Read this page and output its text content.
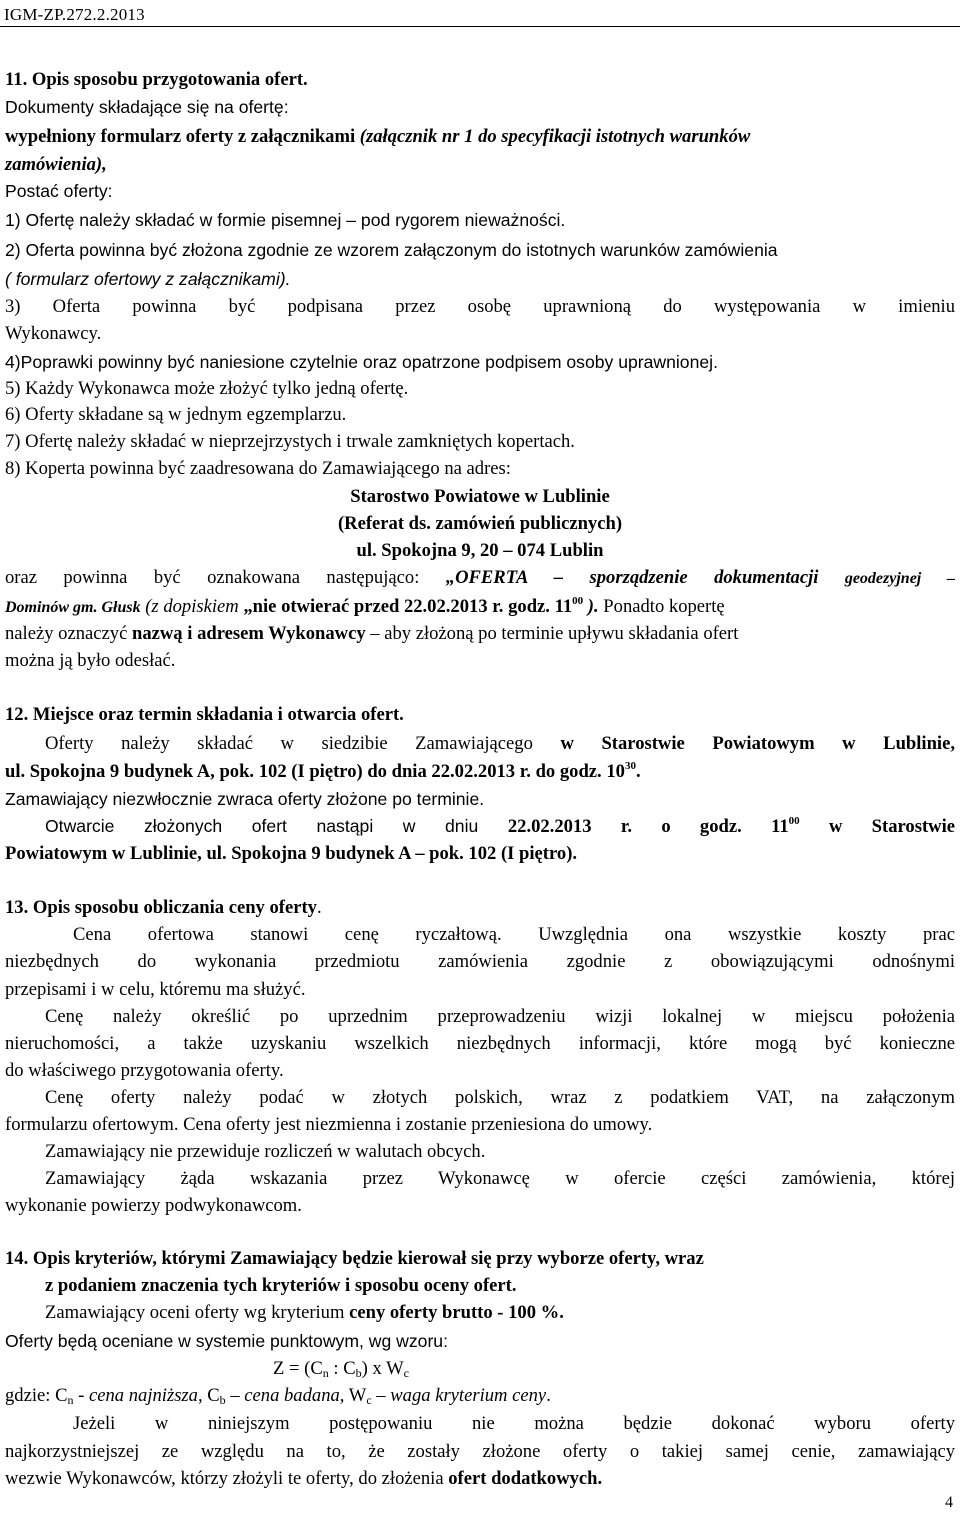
IGM-ZP.272.2.2013
11. Opis sposobu przygotowania ofert.
Dokumenty składające się na ofertę:
wypełniony formularz oferty z załącznikami (załącznik nr 1 do specyfikacji istotnych warunków
zamówienia),
Postać oferty:
1) Ofertę należy składać w formie pisemnej – pod rygorem nieważności.
2) Oferta powinna być złożona zgodnie ze wzorem załączonym do istotnych warunków zamówienia
( formularz ofertowy z załącznikami).
3) Oferta powinna być podpisana przez osobę uprawnioną do występowania w imieniu
Wykonawcy.
4)Poprawki powinny być naniesione czytelnie oraz opatrzone podpisem osoby uprawnionej.
5) Każdy Wykonawca może złożyć tylko jedną ofertę.
6) Oferty składane są w jednym egzemplarzu.
7) Ofertę należy składać w nieprzejrzystych i trwale zamkniętych kopertach.
8) Koperta powinna być zaadresowana do Zamawiającego na adres:
Starostwo Powiatowe w Lublinie
(Referat ds. zamówień publicznych)
ul. Spokojna 9, 20 – 074 Lublin
oraz powinna być oznakowana następująco: „OFERTA – sporządzenie dokumentacji geodezyjnej –
Dominów gm. Głusk (z dopiskiem „nie otwierać przed 22.02.2013 r. godz. $11^{00}$ ). Ponadto kopertę
należy oznaczyć nazwą i adresem Wykonawcy – aby złożoną po terminie upływu składania ofert
można ją było odesłać.
12. Miejsce oraz termin składania i otwarcia ofert.
Oferty należy składać w siedzibie Zamawiającego w Starostwie Powiatowym w Lublinie,
ul. Spokojna 9 budynek A, pok. 102 (I piętro) do dnia 22.02.2013 r. do godz. $10^{30}$.
Zamawiający niezwłocznie zwraca oferty złożone po terminie.
Otwarcie złożonych ofert nastąpi w dniu 22.02.2013 r. o godz. $11^{00}$ w Starostwie
Powiatowym w Lublinie, ul. Spokojna 9 budynek A – pok. 102 (I piętro).
13. Opis sposobu obliczania ceny oferty.
Cena ofertowa stanowi cenę ryczałtową. Uwzględnia ona wszystkie koszty prac
niezbędnych do wykonania przedmiotu zamówienia zgodnie z obowiązującymi odnośnymi
przepisami i w celu, któremu ma służyć.
Cenę należy określić po uprzednim przeprowadzeniu wizji lokalnej w miejscu położenia
nieruchomości, a także uzyskaniu wszelkich niezbędnych informacji, które mogą być konieczne
do właściwego przygotowania oferty.
Cenę oferty należy podać w złotych polskich, wraz z podatkiem VAT, na załączonym
formularzu ofertowym. Cena oferty jest niezmienna i zostanie przeniesiona do umowy.
Zamawiający nie przewiduje rozliczeń w walutach obcych.
Zamawiający żąda wskazania przez Wykonawcę w ofercie części zamówienia, której
wykonanie powierzy podwykonawcom.
14. Opis kryteriów, którymi Zamawiający będzie kierował się przy wyborze oferty, wraz
z podaniem znaczenia tych kryteriów i sposobu oceny ofert.
Zamawiający oceni oferty wg kryterium ceny oferty brutto - 100 %.
Oferty będą oceniane w systemie punktowym, wg wzoru:
$Z = (C_n$ : $C_b$) x $W_c$
gdzie: $C_n$ - cena najniższa, $C_b$ – cena badana, $W_c$ – waga kryterium ceny.
Jeżeli w niniejszym postępowaniu nie można będzie dokonać wyboru oferty
najkorzystniejszej ze względu na to, że zostały złożone oferty o takiej samej cenie, zamawiający
wezwie Wykonawców, którzy złożyli te oferty, do złożenia ofert dodatkowych.
4
